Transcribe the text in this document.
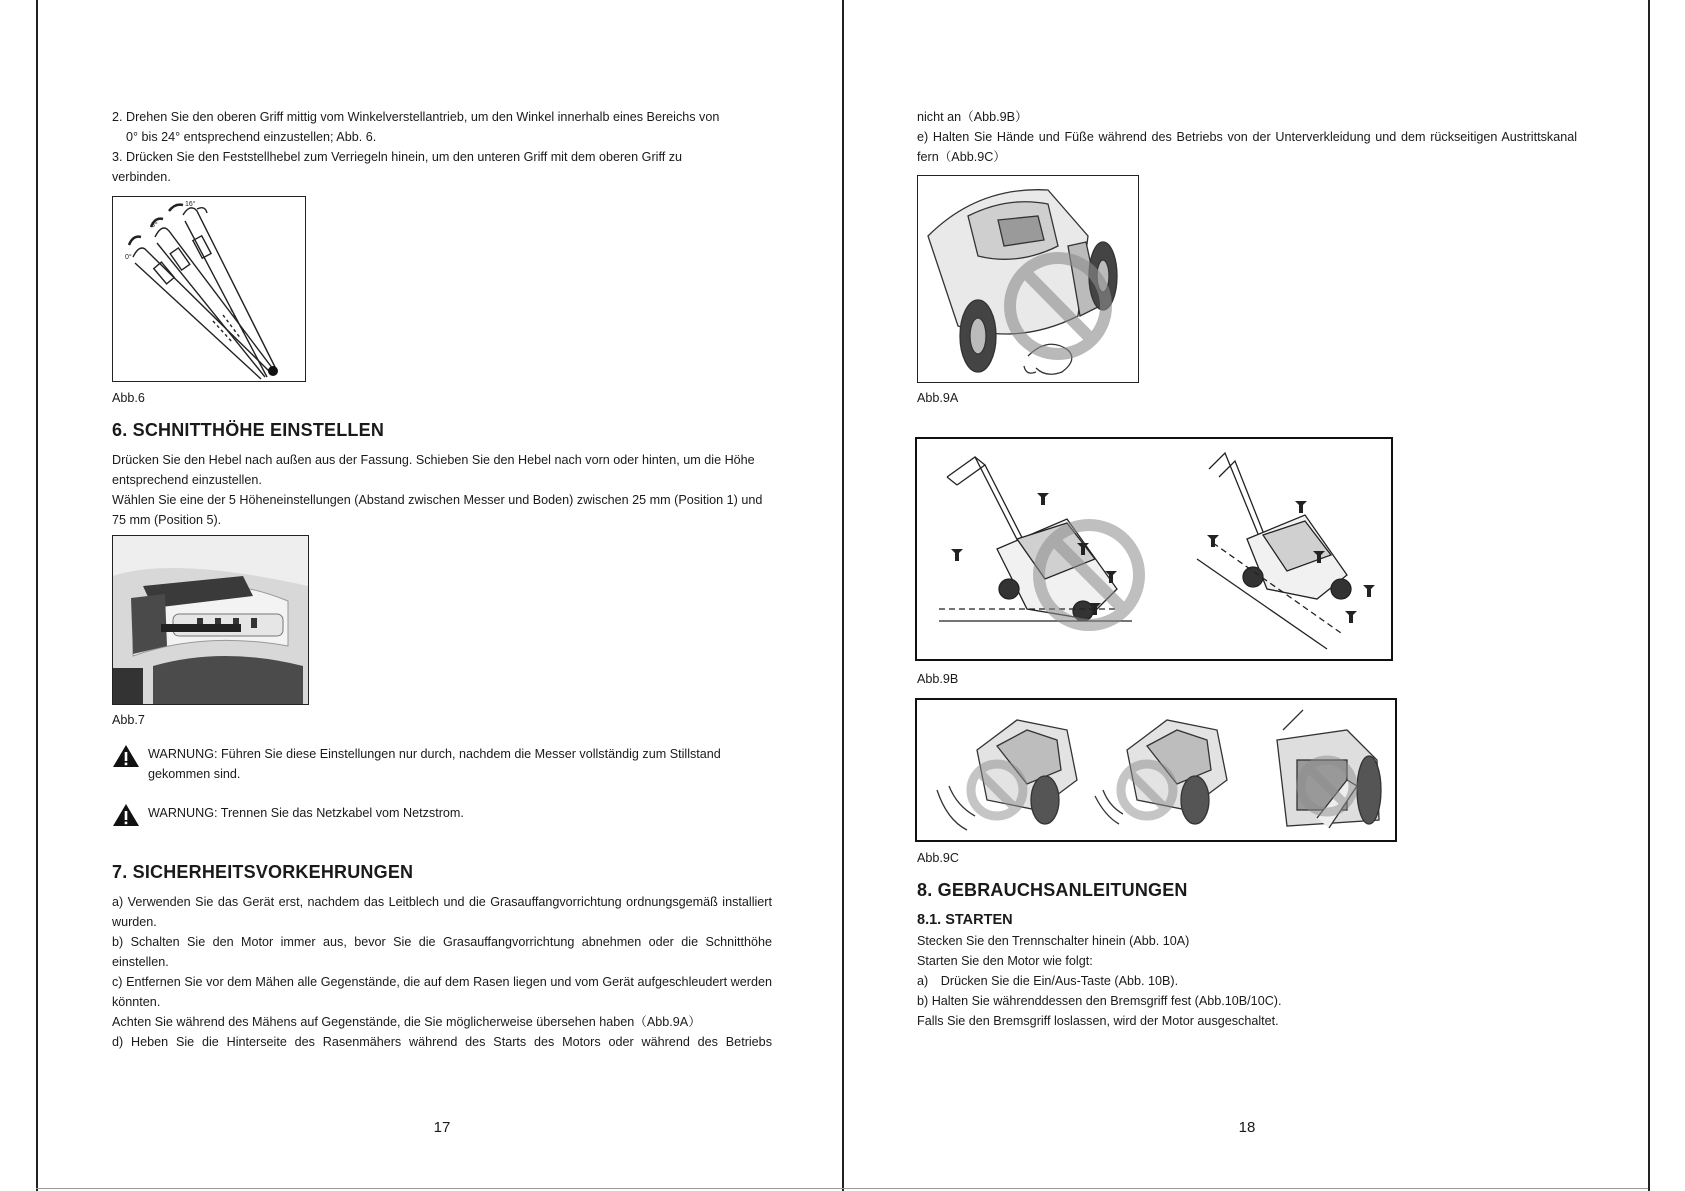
2. Drehen Sie den oberen Griff mittig vom Winkelverstellantrieb, um den Winkel innerhalb eines Bereichs von

0° bis 24° entsprechend einzustellen; Abb. 6.

3. Drücken Sie den Feststellhebel zum Verriegeln hinein, um den unteren Griff mit dem oberen Griff zu verbinden.

0°
8°
16°

Abb.6

6. SCHNITTHÖHE EINSTELLEN

Drücken Sie den Hebel nach außen aus der Fassung. Schieben Sie den Hebel nach vorn oder hinten, um die Höhe entsprechend einzustellen.

Wählen Sie eine der 5 Höheneinstellungen (Abstand zwischen Messer und Boden) zwischen 25 mm (Position 1) und 75 mm (Position 5).

Abb.7

WARNUNG: Führen Sie diese Einstellungen nur durch, nachdem die Messer vollständig zum Stillstand gekommen sind.

WARNUNG: Trennen Sie das Netzkabel vom Netzstrom.

7. SICHERHEITSVORKEHRUNGEN

a) Verwenden Sie das Gerät erst, nachdem das Leitblech und die Grasauffangvorrichtung ordnungsgemäß installiert wurden.

b) Schalten Sie den Motor immer aus, bevor Sie die Grasauffangvorrichtung abnehmen oder die Schnitthöhe einstellen.

c) Entfernen Sie vor dem Mähen alle Gegenstände, die auf dem Rasen liegen und vom Gerät aufgeschleudert werden könnten.

Achten Sie während des Mähens auf Gegenstände, die Sie möglicherweise übersehen haben（Abb.9A）

d) Heben Sie die Hinterseite des Rasenmähers während des Starts des Motors oder während des Betriebs

17

nicht an（Abb.9B）

e) Halten Sie Hände und Füße während des Betriebs von der Unterverkleidung und dem rückseitigen Austrittskanal fern（Abb.9C）

Abb.9A

Abb.9B

Abb.9C

8. GEBRAUCHSANLEITUNGEN
8.1. STARTEN

Stecken Sie den Trennschalter hinein (Abb. 10A)

Starten Sie den Motor wie folgt:

a)　Drücken Sie die Ein/Aus-Taste (Abb. 10B).

b) Halten Sie währenddessen den Bremsgriff fest (Abb.10B/10C).

Falls Sie den Bremsgriff loslassen, wird der Motor ausgeschaltet.

18
